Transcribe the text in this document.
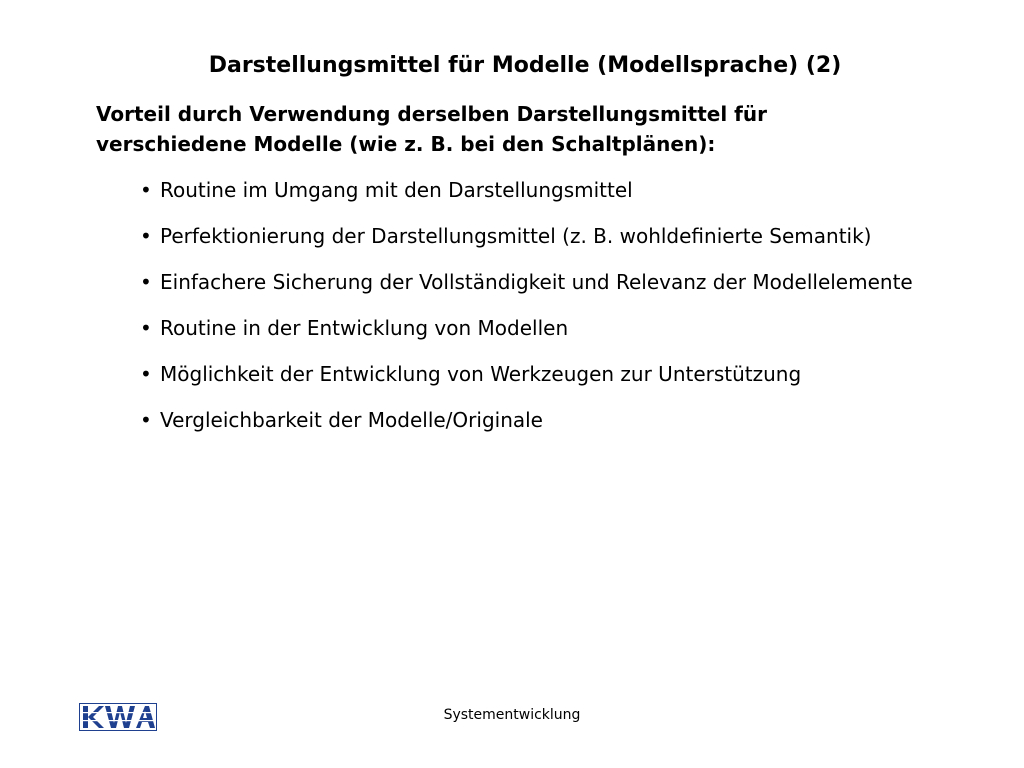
Darstellungsmittel für Modelle (Modellsprache) (2)
Vorteil durch Verwendung derselben Darstellungsmittel für
verschiedene Modelle (wie z. B. bei den Schaltplänen):
• Routine im Umgang mit den Darstellungsmittel
• Perfektionierung der Darstellungsmittel (z. B. wohldefinierte Semantik)
• Einfachere Sicherung der Vollständigkeit und Relevanz der Modellelemente
• Routine in der Entwicklung von Modellen
• Möglichkeit der Entwicklung von Werkzeugen zur Unterstützung
• Vergleichbarkeit der Modelle/Originale
Systementwicklung
